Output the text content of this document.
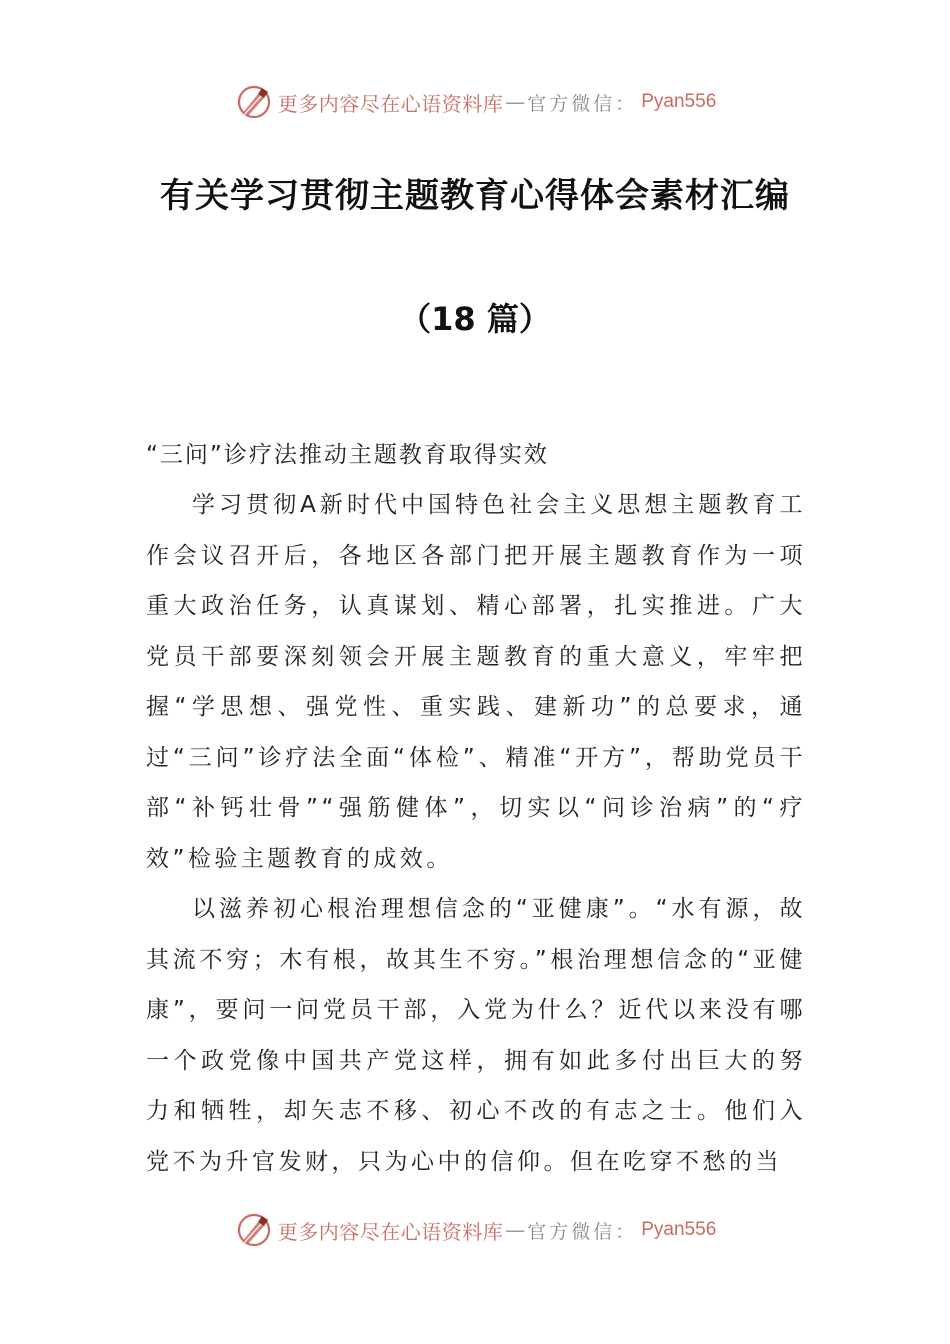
更多内容尽在心语资料库 — 官方微信： Pyan556
有关学习贯彻主题教育心得体会素材汇编
（18 篇）
“三问”诊疗法推动主题教育取得实效

学习贯彻A新时代中国特色社会主义思想主题教育工作会议召开后，各地区各部门把开展主题教育作为一项重大政治任务，认真谋划、精心部署，扎实推进。广大党员干部要深刻领会开展主题教育的重大意义，牢牢把握“学思想、强党性、重实践、建新功”的总要求，通过“三问”诊疗法全面“体检”、精准“开方”，帮助党员干部“补钙壮骨”“强筋健体”，切实以“问诊治病”的“疗效”检验主题教育的成效。

以滋养初心根治理想信念的“亚健康”。“水有源，故其流不穷；木有根，故其生不穷。”根治理想信念的“亚健康”，要问一问党员干部，入党为什么？近代以来没有哪一个政党像中国共产党这样，拥有如此多付出巨大的努力和牺牲，却矢志不移、初心不改的有志之士。他们入党不为升官发财，只为心中的信仰。但在吃穿不愁的当

更多内容尽在心语资料库 — 官方微信： Pyan556
